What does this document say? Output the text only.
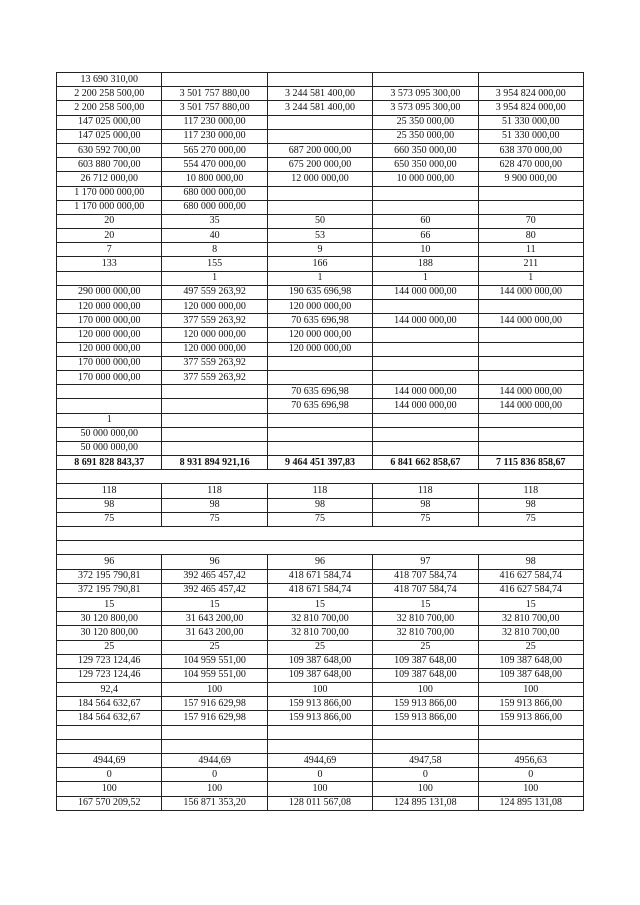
13 690 310,00				
2 200 258 500,00	3 501 757 880,00	3 244 581 400,00	3 573 095 300,00	3 954 824 000,00
2 200 258 500,00	3 501 757 880,00	3 244 581 400,00	3 573 095 300,00	3 954 824 000,00
147 025 000,00	117 230 000,00		25 350 000,00	51 330 000,00
147 025 000,00	117 230 000,00		25 350 000,00	51 330 000,00
630 592 700,00	565 270 000,00	687 200 000,00	660 350 000,00	638 370 000,00
603 880 700,00	554 470 000,00	675 200 000,00	650 350 000,00	628 470 000,00
26 712 000,00	10 800 000,00	12 000 000,00	10 000 000,00	9 900 000,00
1 170 000 000,00	680 000 000,00			
1 170 000 000,00	680 000 000,00			
20	35	50	60	70
20	40	53	66	80
7	8	9	10	11
133	155	166	188	211
	1	1	1	1
290 000 000,00	497 559 263,92	190 635 696,98	144 000 000,00	144 000 000,00
120 000 000,00	120 000 000,00	120 000 000,00		
170 000 000,00	377 559 263,92	70 635 696,98	144 000 000,00	144 000 000,00
120 000 000,00	120 000 000,00	120 000 000,00		
120 000 000,00	120 000 000,00	120 000 000,00		
170 000 000,00	377 559 263,92			
170 000 000,00	377 559 263,92			
		70 635 696,98	144 000 000,00	144 000 000,00
		70 635 696,98	144 000 000,00	144 000 000,00
1				
50 000 000,00				
50 000 000,00				
8 691 828 843,37	8 931 894 921,16	9 464 451 397,83	6 841 662 858,67	7 115 836 858,67

118	118	118	118	118
98	98	98	98	98
75	75	75	75	75

96	96	96	97	98
372 195 790,81	392 465 457,42	418 671 584,74	418 707 584,74	416 627 584,74
372 195 790,81	392 465 457,42	418 671 584,74	418 707 584,74	416 627 584,74
15	15	15	15	15
30 120 800,00	31 643 200,00	32 810 700,00	32 810 700,00	32 810 700,00
30 120 800,00	31 643 200,00	32 810 700,00	32 810 700,00	32 810 700,00
25	25	25	25	25
129 723 124,46	104 959 551,00	109 387 648,00	109 387 648,00	109 387 648,00
129 723 124,46	104 959 551,00	109 387 648,00	109 387 648,00	109 387 648,00
92,4	100	100	100	100
184 564 632,67	157 916 629,98	159 913 866,00	159 913 866,00	159 913 866,00
184 564 632,67	157 916 629,98	159 913 866,00	159 913 866,00	159 913 866,00

4944,69	4944,69	4944,69	4947,58	4956,63
0	0	0	0	0
100	100	100	100	100
167 570 209,52	156 871 353,20	128 011 567,08	124 895 131,08	124 895 131,08
